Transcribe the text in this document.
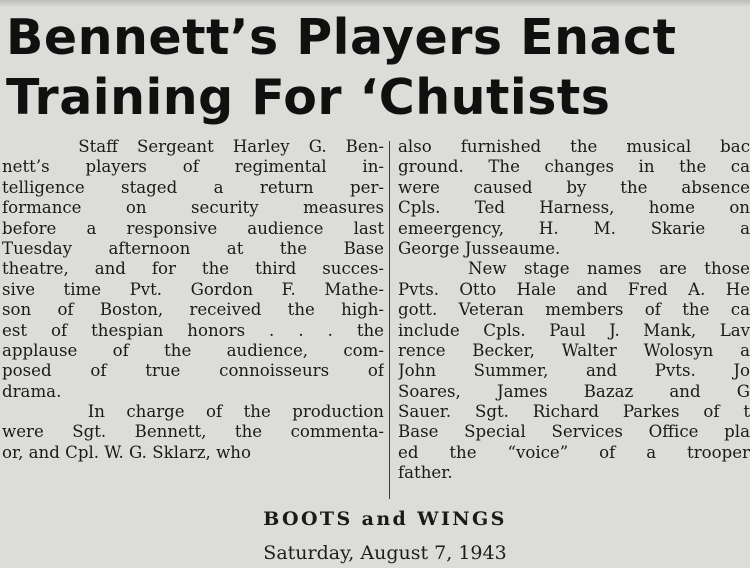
Bennett’s Players Enact
Training For ‘Chutists
Staff Sergeant Harley G. Ben-
nett’s players of regimental in-
telligence staged a return per-
formance on security measures
before a responsive audience last
Tuesday afternoon at the Base
theatre, and for the third succes-
sive time Pvt. Gordon F. Mathe-
son of Boston, received the high-
est of thespian honors . . . the
applause of the audience, com-
posed of true connoisseurs of
drama.
In charge of the production
were Sgt. Bennett, the commenta-
or, and Cpl. W. G. Sklarz, who
also furnished the musical bac
ground. The changes in the ca
were caused by the absence
Cpls. Ted Harness, home on
emeergency, H. M. Skarie a
George Jusseaume.
New stage names are those
Pvts. Otto Hale and Fred A. He
gott. Veteran members of the ca
include Cpls. Paul J. Mank, Lav
rence Becker, Walter Wolosyn a
John Summer, and Pvts. Jo
Soares, James Bazaz and G
Sauer. Sgt. Richard Parkes of t
Base Special Services Office pla
ed the “voice” of a trooper
father.
BOOTS and WINGS
Saturday, August 7, 1943
